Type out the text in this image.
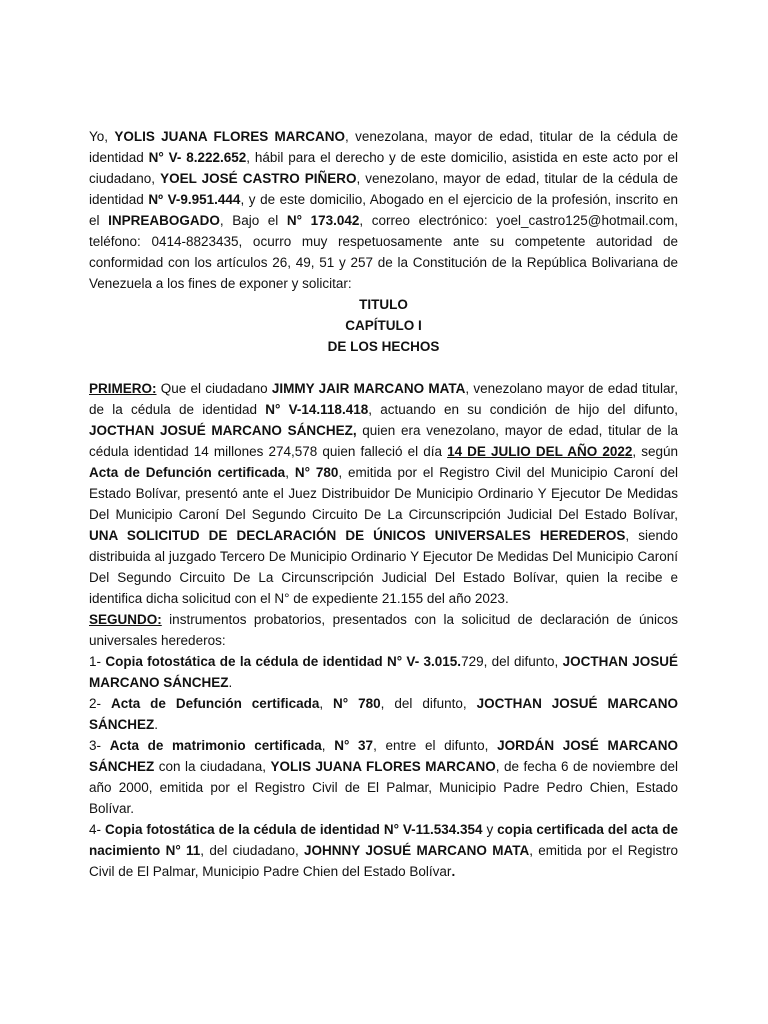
Yo, YOLIS JUANA FLORES MARCANO, venezolana, mayor de edad, titular de la cédula de identidad N° V- 8.222.652, hábil para el derecho y de este domicilio, asistida en este acto por el ciudadano, YOEL JOSÉ CASTRO PIÑERO, venezolano, mayor de edad, titular de la cédula de identidad Nº V-9.951.444, y de este domicilio, Abogado en el ejercicio de la profesión, inscrito en el INPREABOGADO, Bajo el N° 173.042, correo electrónico: yoel_castro125@hotmail.com, teléfono: 0414-8823435, ocurro muy respetuosamente ante su competente autoridad de conformidad con los artículos 26, 49, 51 y 257 de la Constitución de la República Bolivariana de Venezuela a los fines de exponer y solicitar:

TITULO

CAPÍTULO I

DE LOS HECHOS

PRIMERO: Que el ciudadano JIMMY JAIR MARCANO MATA, venezolano mayor de edad titular, de la cédula de identidad N° V-14.118.418, actuando en su condición de hijo del difunto, JOCTHAN JOSUÉ MARCANO SÁNCHEZ, quien era venezolano, mayor de edad, titular de la cédula identidad 14 millones 274,578 quien falleció el día 14 DE JULIO DEL AÑO 2022, según Acta de Defunción certificada, N° 780, emitida por el Registro Civil del Municipio Caroní del Estado Bolívar, presentó ante el Juez Distribuidor De Municipio Ordinario Y Ejecutor De Medidas Del Municipio Caroní Del Segundo Circuito De La Circunscripción Judicial Del Estado Bolívar, UNA SOLICITUD DE DECLARACIÓN DE ÚNICOS UNIVERSALES HEREDEROS, siendo distribuida al juzgado Tercero De Municipio Ordinario Y Ejecutor De Medidas Del Municipio Caroní Del Segundo Circuito De La Circunscripción Judicial Del Estado Bolívar, quien la recibe e identifica dicha solicitud con el N° de expediente 21.155 del año 2023.

SEGUNDO: instrumentos probatorios, presentados con la solicitud de declaración de únicos universales herederos:

1- Copia fotostática de la cédula de identidad N° V- 3.015.729, del difunto, JOCTHAN JOSUÉ MARCANO SÁNCHEZ.

2- Acta de Defunción certificada, N° 780, del difunto, JOCTHAN JOSUÉ MARCANO SÁNCHEZ.

3- Acta de matrimonio certificada, N° 37, entre el difunto, JORDÁN JOSÉ MARCANO SÁNCHEZ con la ciudadana, YOLIS JUANA FLORES MARCANO, de fecha 6 de noviembre del año 2000, emitida por el Registro Civil de El Palmar, Municipio Padre Pedro Chien, Estado Bolívar.

4- Copia fotostática de la cédula de identidad N° V-11.534.354 y copia certificada del acta de nacimiento N° 11, del ciudadano, JOHNNY JOSUÉ MARCANO MATA, emitida por el Registro Civil de El Palmar, Municipio Padre Chien del Estado Bolívar.
